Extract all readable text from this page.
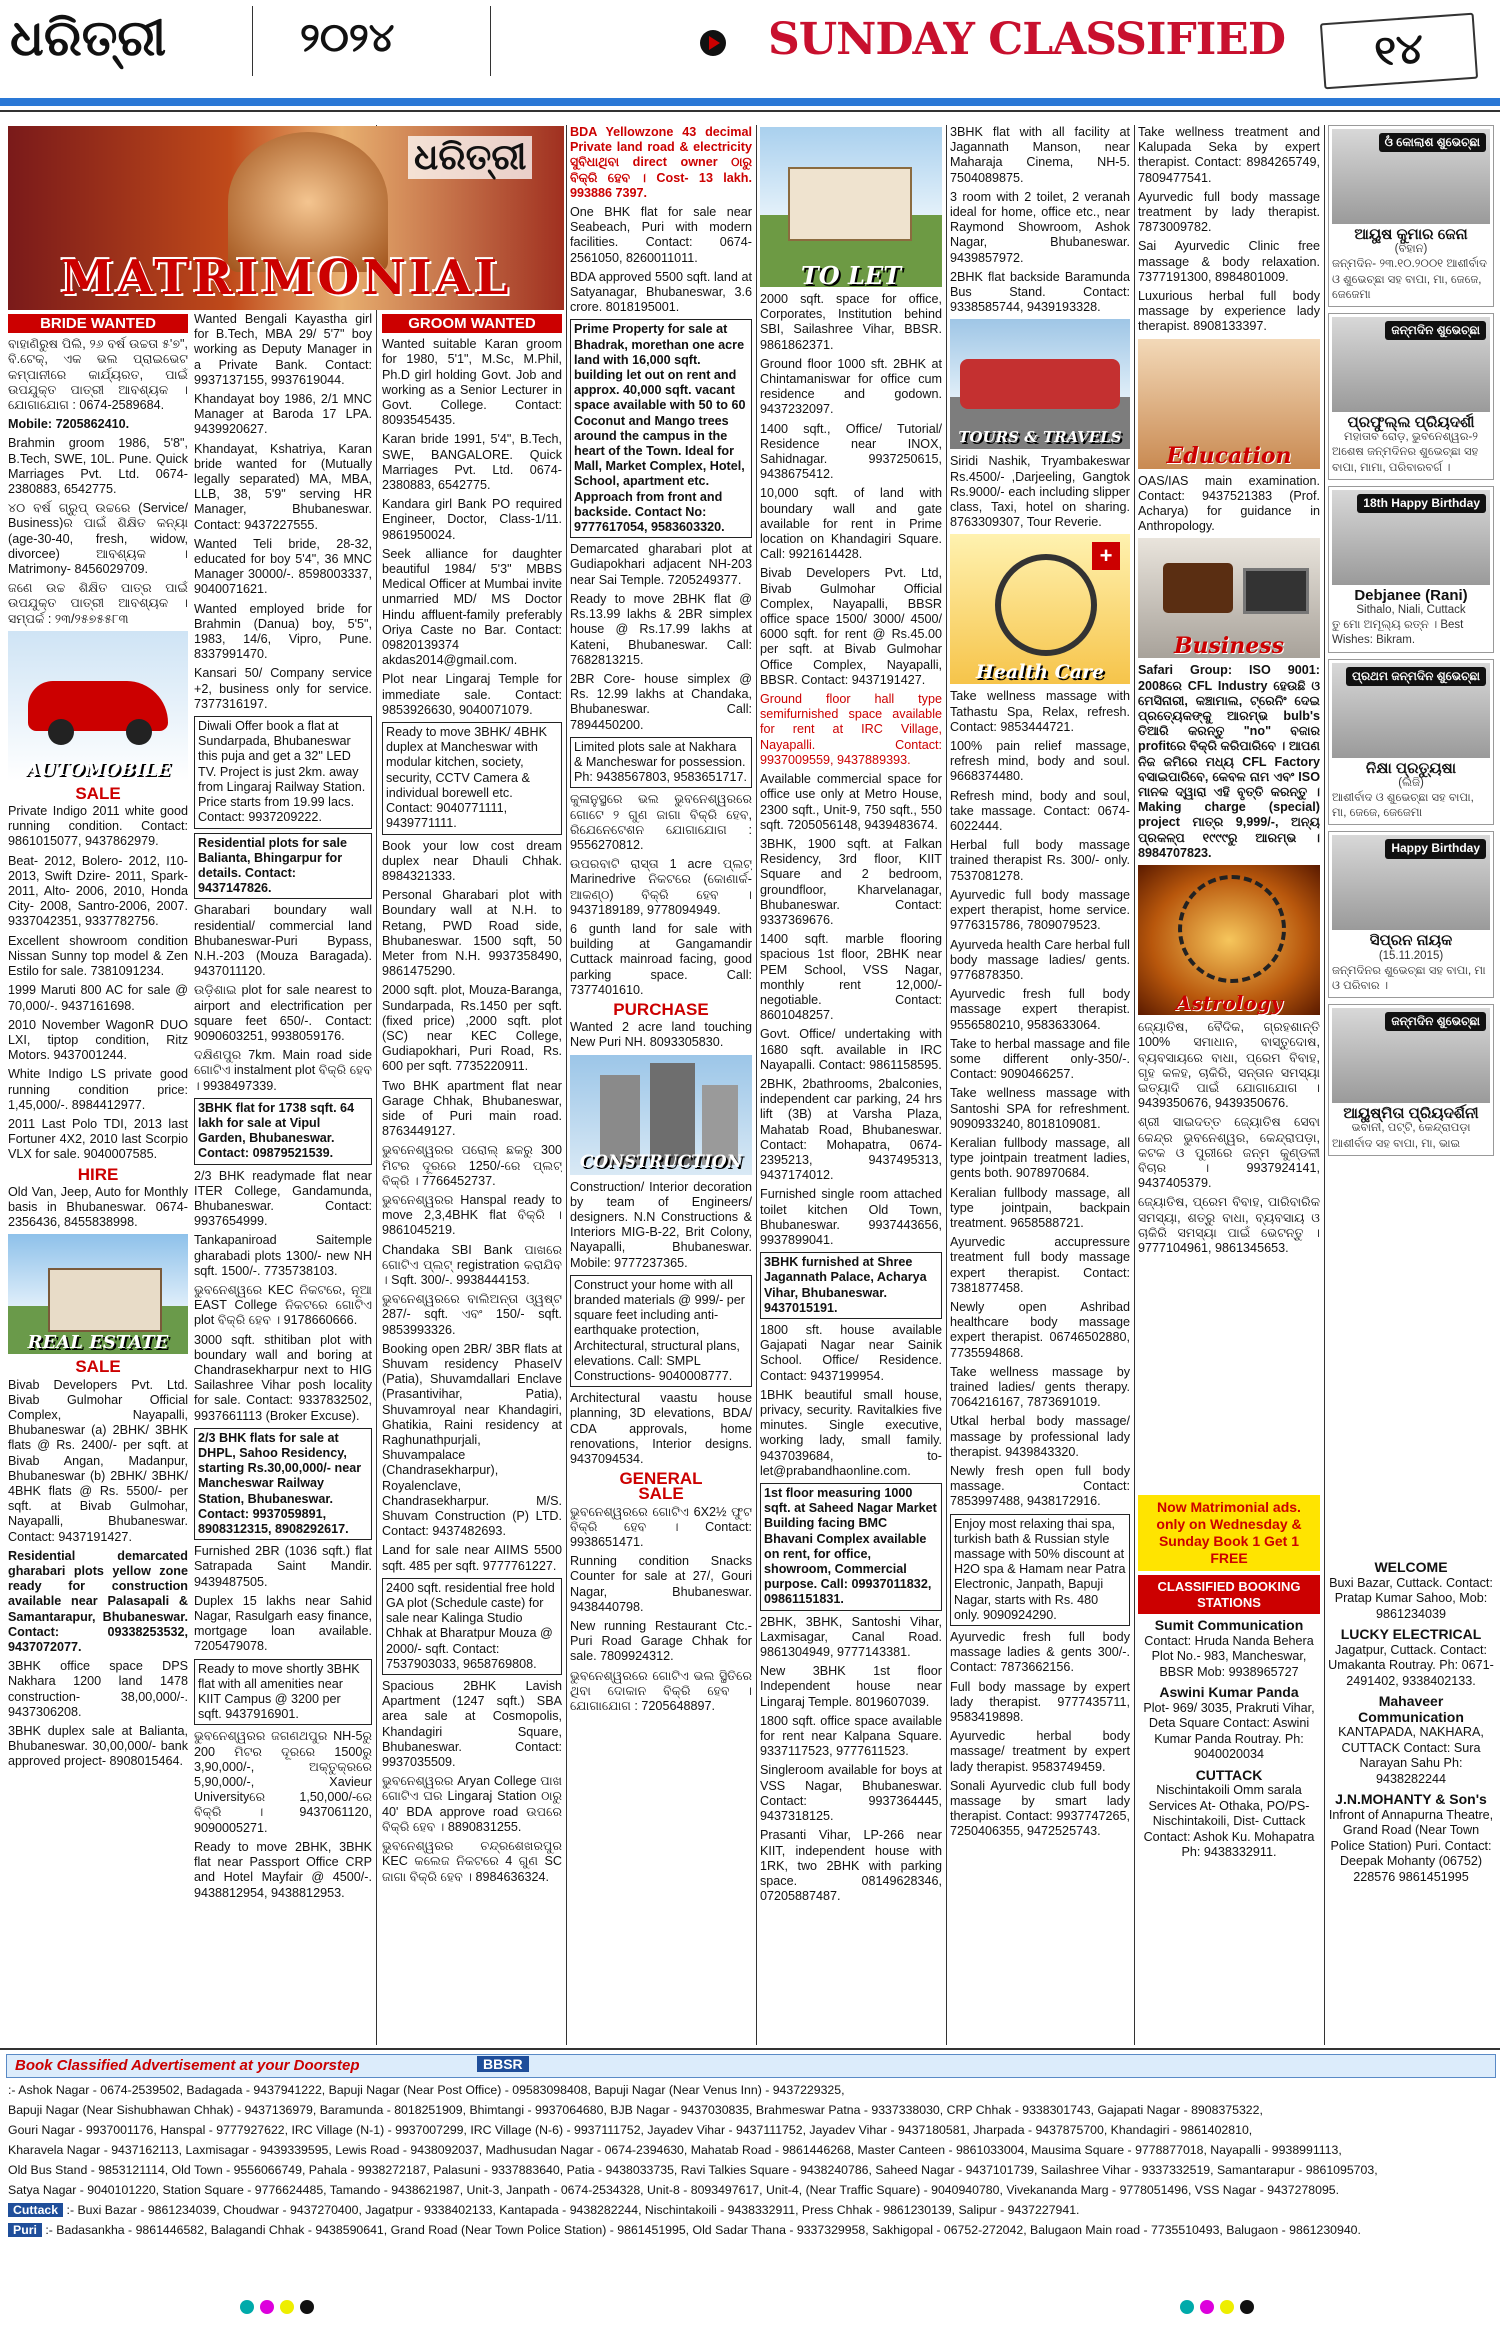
ଧରିତ୍ରୀ	୨୦୨୪	SUNDAY CLASSIFIED	୧୪
ଧରିତ୍ରୀ
MATRIMONIAL
BRIDE WANTED

ବାହାଣିରୁଷ ପିଲି, ୨୬ ବର୍ଷ ଉଚ୍ଚତା ୫'୭", ବି.ଟେକ୍, ଏକ ଭଲ ପ୍ରାଇଭେଟ କମ୍ପାନୀରେ କାର୍ଯ୍ୟରତ, ପାଇଁ ଉପଯୁକ୍ତ ପାତ୍ରୀ ଆବଶ୍ୟକ । ଯୋଗାଯୋଗ : 0674-2589684.

Mobile: 7205862410.

Brahmin groom 1986, 5'8", B.Tech, SWE, 10L. Pune. Quick Marriages Pvt. Ltd. 0674-2380883, 6542775.

୪୦ ବର୍ଷ ଗ୍ରୁପ୍‌ ଉଚ୍ଚରେ (Service/ Business)ର ପାଇଁ ଶିକ୍ଷିତ କନ୍ୟା (age-30-40, fresh, widow, divorcee) ଆବଶ୍ୟକ । Matrimony- 8456029709.

ଜଣେ ଉଚ୍ଚ ଶିକ୍ଷିତ ପାତ୍ର ପାଇଁ ଉପଯୁକ୍ତ ପାତ୍ରୀ ଆବଶ୍ୟକ । ସମ୍ପର୍କ : ୨୩/୨୫୭୫୫୮୩

AUTOMOBILE
SALE

Private Indigo 2011 white good running condition. Contact: 9861015077, 9437862979.

Beat- 2012, Bolero- 2012, I10- 2013, Swift Dzire- 2011, Spark- 2011, Alto- 2006, 2010, Honda City- 2008, Santro-2006, 2007. 9337042351, 9337782756.

Excellent showroom condition Nissan Sunny top model & Zen Estilo for sale. 7381091234.

1999 Maruti 800 AC for sale @ 70,000/-. 9437161698.

2010 November WagonR DUO LXI, tiptop condition, Ritz Motors. 9437001244.

White Indigo LS private good running condition price: 1,45,000/-. 8984412977.

2011 Last Polo TDI, 2013 last Fortuner 4X2, 2010 last Scorpio VLX for sale. 9040007585.

HIRE

Old Van, Jeep, Auto for Monthly basis in Bhubaneswar. 0674-2356436, 8455838998.

REAL ESTATE
SALE

Bivab Developers Pvt. Ltd. Bivab Gulmohar Official Complex, Nayapalli, Bhubaneswar (a) 2BHK/ 3BHK flats @ Rs. 2400/- per sqft. at Bivab Angan, Madanpur, Bhubaneswar (b) 2BHK/ 3BHK/ 4BHK flats @ Rs. 5500/- per sqft. at Bivab Gulmohar, Nayapalli, Bhubaneswar. Contact: 9437191427.

Residential demarcated gharabari plots yellow zone ready for construction available near Palasapali & Samantarapur, Bhubaneswar. Contact: 09338253532, 9437072077.

3BHK office space DPS Nakhara 1200 land 1478 construction- 38,00,000/-. 9437306208.

3BHK duplex sale at Balianta, Bhubaneswar. 30,00,000/- bank approved project- 8908015464.

Wanted Bengali Kayastha girl for B.Tech, MBA 29/ 5'7" boy working as Deputy Manager in a Private Bank. Contact: 9937137155, 9937619044.

Khandayat boy 1986, 2/1 MNC Manager at Baroda 17 LPA. 9439920627.

Khandayat, Kshatriya, Karan bride wanted for (Mutually legally separated) MA, MBA, LLB, 38, 5'9" serving HR Manager, Bhubaneswar. Contact: 9437227555.

Wanted Teli bride, 28-32, educated for boy 5'4", 36 MNC Manager 30000/-. 8598003337, 9040071621.

Wanted employed bride for Brahmin (Danua) boy, 5'5", 1983, 14/6, Vipro, Pune. 8337991470.

Kansari 50/ Company service +2, business only for service. 7377316197.

Diwali Offer book a flat at Sundarpada, Bhubaneswar this puja and get a 32" LED TV. Project is just 2km. away from Lingaraj Railway Station. Price starts from 19.99 lacs. Contact: 9937209222.
Residential plots for sale Balianta, Bhingarpur for details. Contact: 9437147826.

Gharabari boundary wall residential/ commercial land Bhubaneswar-Puri Bypass, N.H.-203 (Mouza Baragada). 9437011120.

ଉଡ଼ିଶାଇ plot for sale nearest to airport and electrification per square feet 650/-. Contact: 9090603251, 9938059176.

ଦକ୍ଷିଣପୁର 7km. Main road side ଗୋଟିଏ instalment plot ବିକ୍ରି ହେବ । 9938497339.

3BHK flat for 1738 sqft. 64 lakh for sale at Vipul Garden, Bhubaneswar. Contact: 09879521539.

2/3 BHK readymade flat near ITER College, Gandamunda, Bhubaneswar. Contact: 9937654999.

Tankapaniroad Saitemple gharabadi plots 1300/- new NH sqft. 1500/-. 7735738103.

ଭୁବନେଶ୍ୱରେ KEC ନିକଟରେ, ନୂଆ EAST College ନିକଟରେ ଗୋଟିଏ plot ବିକ୍ରି ହେବ । 9178660666.

3000 sqft. sthitiban plot with boundary wall and boring at Chandrasekharpur next to HIG Sailashree Vihar posh locality for sale. Contact: 9337832502, 9937661113 (Broker Excuse).

2/3 BHK flats for sale at DHPL, Sahoo Residency, starting Rs.30,00,000/- near Mancheswar Railway Station, Bhubaneswar. Contact: 9937059891, 8908312315, 8908292617.

Furnished 2BR (1036 sqft.) flat Satrapada Saint Mandir. 9439487505.

Duplex 15 lakhs near Sahid Nagar, Rasulgarh easy finance, mortgage loan available. 7205479078.

Ready to move shortly 3BHK flat with all amenities near KIIT Campus @ 3200 per sqft. 9437916901.

ଭୁବନେଶ୍ୱରର ଜଗଣଥପୁର NH-5ରୁ 200 ମିଟର ଦୂରରେ 1500ରୁ 3,90,000/-, ଅକ୍ତୁକ୍ରରେ 5,90,000/-, Xavieur Universityରେ 1,50,000/-ରେ ବିକ୍ରି । 9437061120, 9090005271.

Ready to move 2BHK, 3BHK flat near Passport Office CRP and Hotel Mayfair @ 4500/-. 9438812954, 9438812953.

GROOM WANTED

Wanted suitable Karan groom for 1980, 5'1", M.Sc, M.Phil, Ph.D girl holding Govt. Job and working as a Senior Lecturer in Govt. College. Contact: 8093545435.

Karan bride 1991, 5'4", B.Tech, SWE, BANGALORE. Quick Marriages Pvt. Ltd. 0674-2380883, 6542775.

Kandara girl Bank PO required Engineer, Doctor, Class-1/11. 9861950024.

Seek alliance for daughter beautiful 1984/ 5'3" MBBS Medical Officer at Mumbai invite unmarried MD/ MS Doctor Hindu affluent-family preferably Oriya Caste no Bar. Contact: 09820139374 akdas2014@gmail.com.

Plot near Lingaraj Temple for immediate sale. Contact: 9853926630, 9040071079.

Ready to move 3BHK/ 4BHK duplex at Mancheswar with modular kitchen, society, security, CCTV Camera & individual borewell etc. Contact: 9040771111, 9439771111.

Book your low cost dream duplex near Dhauli Chhak. 8984321333.

Personal Gharabari plot with Boundary wall at N.H. to Retang, PWD Road side, Bhubaneswar. 1500 sqft, 50 Meter from N.H. 9937358490, 9861475290.

2000 sqft. plot, Mouza-Baranga, Sundarpada, Rs.1450 per sqft. (fixed price) ,2000 sqft. plot (SC) near KEC College, Gudiapokhari, Puri Road, Rs. 600 per sqft. 7735220911.

Two BHK apartment flat near Garage Chhak, Bhubaneswar, side of Puri main road. 8763449127.

ଭୁବନେଶ୍ୱରର ପରୋଲ୍ ଛକରୁ 300 ମିଟର ଦୂରରେ 1250/-ରେ ପ୍ଲଟ୍ ବିକ୍ରି । 7766452737.

ଭୁବନେଶ୍ୱରର Hanspal ready to move 2,3,4BHK flat ବିକ୍ରି । 9861045219.

Chandaka SBI Bank ପାଖରେ ଗୋଟିଏ ପ୍ଲଟ୍ registration କରାଯିବ । Sqft. 300/-. 9938444153.

ଭୁବନେଶ୍ୱରରେ ବାଲିଅନ୍ତା ଓ୍ୱଷ୍ଟ 287/- sqft. ଏବଂ 150/- sqft. 9853993326.

Booking open 2BR/ 3BR flats at Shuvam residency PhaseIV (Patia), Shuvamdallari Enclave (Prasantivihar, Patia), Shuvamroyal near Khandagiri, Ghatikia, Raini residency at Raghunathpurjali, Shuvampalace (Chandrasekharpur), Royalenclave, Chandrasekharpur. M/S. Shuvam Construction (P) LTD. Contact: 9437482693.

Land for sale near AIIMS 5500 sqft. 485 per sqft. 9777761227.

2400 sqft. residential free hold GA plot (Schedule caste) for sale near Kalinga Studio Chhak at Bharatpur Mouza @ 2000/- sqft. Contact: 7537903033, 9658769808.

Spacious 2BHK Lavish Apartment (1247 sqft.) SBA area sale at Cosmopolis, Khandagiri Square, Bhubaneswar. Contact: 9937035509.

ଭୁବନେଶ୍ୱରର Aryan College ପାଖ ଗୋଟିଏ ଘର Lingaraj Station ଠାରୁ 40' BDA approve road ଉପରେ ବିକ୍ରି ହେବ । 8890831255.

ଭୁବନେଶ୍ୱରର ଚନ୍ଦ୍ରଶେଖରପୁର KEC କଲେଜ ନିକଟରେ 4 ଗୁଣ SC ଜାଗା ବିକ୍ରି ହେବ । 8984636324.

BDA Yellowzone 43 decimal Private land road & electricity ସୁବିଧାଥିବା direct owner ଠାରୁ ବିକ୍ରି ହେବ । Cost- 13 lakh. 993886 7397.

One BHK flat for sale near Seabeach, Puri with modern facilities. Contact: 0674-2561050, 8260011011.

BDA approved 5500 sqft. land at Satyanagar, Bhubaneswar, 3.6 crore. 8018195001.

Prime Property for sale at Bhadrak, morethan one acre land with 16,000 sqft. building let out on rent and approx. 40,000 sqft. vacant space available with 50 to 60 Coconut and Mango trees around the campus in the heart of the Town. Ideal for Mall, Market Complex, Hotel, School, apartment etc. Approach from front and backside. Contact No: 9777617054, 9583603320.

Demarcated gharabari plot at Gudiapokhari adjacent NH-203 near Sai Temple. 7205249377.

Ready to move 2BHK flat @ Rs.13.99 lakhs & 2BR simplex house @ Rs.17.99 lakhs at Kateni, Bhubaneswar. Call: 7682813215.

2BR Core- house simplex @ Rs. 12.99 lakhs at Chandaka, Bhubaneswar. Call: 7894450200.

Limited plots sale at Nakhara & Mancheswar for possession. Ph: 9438567803, 9583651717.

କୁଳାନୁସ୍ଥରେ ଭଲ ଭୁବନେଶ୍ୱରରେ ଗୋଟେ ୨ ଗୁଣ ଜାଗା ବିକ୍ରି ହେବ, ରିଯେନେଟେଶନ ଯୋଗାଯୋଗ : 9556270812.

ଉପରବାଟି ରାସ୍ତା 1 acre ପ୍ଲଟ୍ Marinedrive ନିକଟରେ (କୋଣାର୍କ-ଆକଣ୍ଠ) ବିକ୍ରି ହେବ । 9437189189, 9778094949.

6 gunth land for sale with building at Gangamandir Cuttack mainroad facing, good parking space. Call: 7377401610.

PURCHASE

Wanted 2 acre land touching New Puri NH. 8093305830.

CONSTRUCTION

Construction/ Interior decoration by team of Engineers/ designers. N.N Constructions & Interiors MIG-B-22, Brit Colony, Nayapalli, Bhubaneswar. Mobile: 9777237365.

Construct your home with all branded materials @ 999/- per square feet including anti- earthquake protection, Architectural, structural plans, elevations. Call: SMPL Constructions- 9040008777.

Architectural vaastu house planning, 3D elevations, BDA/ CDA approvals, home renovations, Interior designs. 9437094534.

GENERAL
SALE

ଭୁବନେଶ୍ୱରରେ ଗୋଟିଏ 6X2½ ଫୁଟ ବିକ୍ରି ହେବ । Contact: 9938651471.

Running condition Snacks Counter for sale at 27/, Gouri Nagar, Bhubaneswar. 9438440798.

New running Restaurant Ctc.- Puri Road Garage Chhak for sale. 7809924312.

ଭୁବନେଶ୍ୱରରେ ଗୋଟିଏ ଭଲ ସ୍ଥିତିରେ ଥିବା ଦୋକାନ ବିକ୍ରି ହେବ । ଯୋଗାଯୋଗ : 7205648897.

TO LET

2000 sqft. space for office, Corporates, Institution behind SBI, Sailashree Vihar, BBSR. 9861862371.

Ground floor 1000 sft. 2BHK at Chintamaniswar for office cum residence and godown. 9437232097.

1400 sqft., Office/ Tutorial/ Residence near INOX, Sahidnagar. 9937250615, 9438675412.

10,000 sqft. of land with boundary wall and gate available for rent in Prime location on Khandagiri Square. Call: 9921614428.

Bivab Developers Pvt. Ltd, Bivab Gulmohar Official Complex, Nayapalli, BBSR office space 1500/ 3000/ 4500/ 6000 sqft. for rent @ Rs.45.00 per sqft. at Bivab Gulmohar Office Complex, Nayapalli, BBSR. Contact: 9437191427.

Ground floor hall type semifurnished space available for rent at IRC Village, Nayapalli. Contact: 9937009559, 9437889393.

Available commercial space for office use only at Metro House, 2300 sqft., Unit-9, 750 sqft., 550 sqft. 7205056148, 9439483674.

3BHK, 1900 sqft. at Falkan Residency, 3rd floor, KIIT Square and 2 bedroom, groundfloor, Kharvelanagar, Bhubaneswar. Contact: 9337369676.

1400 sqft. marble flooring spacious 1st floor, 2BHK near PEM School, VSS Nagar, monthly rent 12,000/- negotiable. Contact: 8601048257.

Govt. Office/ undertaking with 1680 sqft. available in IRC Nayapalli. Contact: 9861158595.

2BHK, 2bathrooms, 2balconies, independent car parking, 24 hrs lift (3B) at Varsha Plaza, Mahatab Road, Bhubaneswar. Contact: Mohapatra, 0674-2395213, 9437495313, 9437174012.

Furnished single room attached toilet kitchen Old Town, Bhubaneswar. 9937443656, 9937899041.

3BHK furnished at Shree Jagannath Palace, Acharya Vihar, Bhubaneswar. 9437015191.

1800 sft. house available Gajapati Nagar near Sainik School. Office/ Residence. Contact: 9437199954.

1BHK beautiful small house, privacy, security. Ravitalkies five minutes. Single executive, working lady, small family. 9437039684, to-let@prabandhaonline.com.

1st floor measuring 1000 sqft. at Saheed Nagar Market Building facing BMC Bhavani Complex available on rent, for office, showroom, Commercial purpose. Call: 09937011832, 09861151831.

2BHK, 3BHK, Santoshi Vihar, Laxmisagar, Canal Road. 9861304949, 9777143381.

New 3BHK 1st floor Independent house near Lingaraj Temple. 8019607039.

1800 sqft. office space available for rent near Kalpana Square. 9337117523, 9777611523.

Singleroom available for boys at VSS Nagar, Bhubaneswar. Contact: 9937364445, 9437318125.

Prasanti Vihar, LP-266 near KIIT, independent house with 1RK, two 2BHK with parking space. 08149628346, 07205887487.

3BHK flat with all facility at Jagannath Manson, near Maharaja Cinema, NH-5. 7504089875.

3 room with 2 toilet, 2 veranah ideal for home, office etc., near Raymond Showroom, Ashok Nagar, Bhubaneswar. 9439857972.

2BHK flat backside Baramunda Bus Stand. Contact: 9338585744, 9439193328.

TOURS & TRAVELS

Siridi Nashik, Tryambakeswar Rs.4500/- ,Darjeeling, Gangtok Rs.9000/- each including slipper class, Taxi, hotel on sharing. 8763309307, Tour Reverie.

+
Health Care

Take wellness massage with Tathastu Spa, Relax, refresh. Contact: 9853444721.

100% pain relief massage, refresh mind, body and soul. 9668374480.

Refresh mind, body and soul, take massage. Contact: 0674-6022444.

Herbal full body massage trained therapist Rs. 300/- only. 7537081278.

Ayurvedic full body massage expert therapist, home service. 9776315786, 7809079523.

Ayurveda health Care herbal full body massage ladies/ gents. 9776878350.

Ayurvedic fresh full body massage expert therapist. 9556580210, 9583633064.

Take to herbal massage and file some different only-350/-. Contact: 9090466257.

Take wellness massage with Santoshi SPA for refreshment. 9090933240, 8018109081.

Keralian fullbody massage, all type jointpain treatment ladies, gents both. 9078970684.

Keralian fullbody massage, all type jointpain, backpain treatment. 9658588721.

Ayurvedic accupressure treatment full body massage expert therapist. Contact: 7381877458.

Newly open Ashribad healthcare body massage expert therapist. 06746502880, 7735594868.

Take wellness massage by trained ladies/ gents therapy. 7064216167, 7873691019.

Utkal herbal body massage/ massage by professional lady therapist. 9439843320.

Newly fresh open full body massage. Contact: 7853997488, 9438172916.

Enjoy most relaxing thai spa, turkish bath & Russian style massage with 50% discount at H2O spa & Hamam near Patra Electronic, Janpath, Bapuji Nagar, starts with Rs. 480 only. 9090924290.

Ayurvedic fresh full body massage ladies & gents 300/-. Contact: 7873662156.

Full body massage by expert lady therapist. 9777435711, 9583419898.

Ayurvedic herbal body massage/ treatment by expert lady therapist. 9583749459.

Sonali Ayurvedic club full body massage by smart lady therapist. Contact: 9937747265, 7250406355, 9472525743.

Take wellness treatment and Kalupada Seka by expert therapist. Contact: 8984265749, 7809477541.

Ayurvedic full body massage treatment by lady therapist. 7873009782.

Sai Ayurvedic Clinic free massage & body relaxation. 7377191300, 8984801009.

Luxurious herbal full body massage by experience lady therapist. 8908133397.

Education

OAS/IAS main examination. Contact: 9437521383 (Prof. Acharya) for guidance in Anthropology.

Business

Safari Group: ISO 9001: 2008ରେ CFL Industry ହେଉଛି ଓ ମେସିନାରୀ, କଞ୍ଚାମାଲ, ଟ୍ରେନିଂ ଦେଇ ପ୍ରତ୍ୟେକଙ୍କୁ ଆରମ୍ଭ bulb's ତିଆରି କରନ୍ତୁ "no" ବଜାର profitରେ ବିକ୍ରି କରିପାରିବେ । ଆପଣ ନିଜ ଜମିରେ ମଧ୍ୟ CFL Factory ବସାଇପାରିବେ, କେବଳ ନାମ ଏବଂ ISO ମାନକ ଦ୍ୱାରା ଏହି ବୃତ୍ତି କରନ୍ତୁ । Making charge (special) project ମାତ୍ର 9,999/-, ଅନ୍ୟ ପ୍ରକଳ୍ପ ୧୯୯୯ରୁ ଆରମ୍ଭ । 8984707823.

Astrology

ଜ୍ୟୋତିଷ, ବୈଦିକ, ଗ୍ରହଶାନ୍ତି 100% ସମାଧାନ, ବାସ୍ତୁଦୋଷ, ବ୍ୟବସାୟରେ ବାଧା, ପ୍ରେମ ବିବାହ, ଗୃହ କଳହ, ଚାକିରି, ସନ୍ତାନ ସମସ୍ୟା ଇତ୍ୟାଦି ପାଇଁ ଯୋଗାଯୋଗ । 9439350676, 9439350676.

ଶ୍ରୀ ସାଇଦତ୍ତ ଜ୍ୟୋତିଷ ସେବା କେନ୍ଦ୍ର ଭୁବନେଶ୍ୱର, କେନ୍ଦ୍ରାପଡ଼ା, କଟକ ଓ ପୁରୀରେ ଜନ୍ମ କୁଣ୍ଡଳୀ ବିଚାର । 9937924141, 9437405379.

ଜ୍ୟୋତିଷ, ପ୍ରେମ ବିବାହ, ପାରିବାରିକ ସମସ୍ୟା, ଶତ୍ରୁ ବାଧା, ବ୍ୟବସାୟ ଓ ଚାକିରି ସମସ୍ୟା ପାଇଁ ଭେଟନ୍ତୁ । 9777104961, 9861345653.

ଓଁ କୋଲାଶ ଶୁଭେଚ୍ଛା
ଆୟୁଷ କୁମାର ଜେନା
(ବିହାନ)
ଜନ୍ମଦିନ- ୨୩.୧୦.୨୦୦୧ ଆଶୀର୍ବାଦ ଓ ଶୁଭେଚ୍ଛା ସହ ବାପା, ମା, ଜେଜେ, ଜେଜେମା
ଜନ୍ମଦିନ ଶୁଭେଚ୍ଛା
ପ୍ରଫୁଲ୍ଲ ପ୍ରିୟଦର୍ଶୀ
ମହାତାବ ରୋଡ଼, ଭୁବନେଶ୍ୱର-୨
ଅଶେଷ ଜନ୍ମଦିନର ଶୁଭେଚ୍ଛା ସହ ବାପା, ମାମା, ପରିବାରବର୍ଗ ।
18th Happy Birthday
Debjanee (Rani)
Sithalo, Niali, Cuttack
ତୁ ମୋ ଅମୂଲ୍ୟ ରତ୍ନ । Best Wishes: Bikram.
ପ୍ରଥମ ଜନ୍ମଦିନ ଶୁଭେଚ୍ଛା
ନିକ୍ଷା ପ୍ରତ୍ୟୁଷା
(ଲିଜି)
ଆଶୀର୍ବାଦ ଓ ଶୁଭେଚ୍ଛା ସହ ବାପା, ମା, ଜେଜେ, ଜେଜେମା
Happy Birthday
ସିପ୍ରନ ନାୟକ
(15.11.2015)
ଜନ୍ମଦିନର ଶୁଭେଚ୍ଛା ସହ ବାପା, ମା ଓ ପରିବାର ।
ଜନ୍ମଦିନ ଶୁଭେଚ୍ଛା
ଆୟୁଷ୍ମିତା ପ୍ରିୟଦର୍ଶିନୀ
ଭବାନୀ, ପଟ୍ଟି, କେନ୍ଦ୍ରାପଡ଼ା
ଆଶୀର୍ବାଦ ସହ ବାପା, ମା, ଭାଇ
Now Matrimonial ads. only on Wednesday & Sunday Book 1 Get 1 FREE
CLASSIFIED BOOKING STATIONS
Sumit Communication
Contact: Hruda Nanda Behera Plot No.- 983, Mancheswar, BBSR Mob: 9938965727
Aswini Kumar Panda
Plot- 969/ 3035, Prakruti Vihar, Deta Square Contact: Aswini Kumar Panda Routray. Ph: 9040020034
CUTTACK
Nischintakoili Omm sarala Services At- Othaka, PO/PS- Nischintakoili, Dist- Cuttack Contact: Ashok Ku. Mohapatra Ph: 9438332911.
WELCOME
Buxi Bazar, Cuttack. Contact: Pratap Kumar Sahoo, Mob: 9861234039
LUCKY ELECTRICAL
Jagatpur, Cuttack. Contact: Umakanta Routray. Ph: 0671-2491402, 9338402133.
Mahaveer Communication
KANTAPADA, NAKHARA, CUTTACK Contact: Sura Narayan Sahu Ph: 9438282244
J.N.MOHANTY & Son's
Infront of Annapurna Theatre, Grand Road (Near Town Police Station) Puri. Contact: Deepak Mohanty (06752) 228576 9861451995
Book Classified Advertisement at your Doorstep	BBSR
:- Ashok Nagar - 0674-2539502, Badagada - 9437941222, Bapuji Nagar (Near Post Office) - 09583098408, Bapuji Nagar (Near Venus Inn) - 9437229325,
Bapuji Nagar (Near Sishubhawan Chhak) - 9437136979, Baramunda - 8018251909, Bhimtangi - 9937064680, BJB Nagar - 9437030835, Brahmeswar Patna - 9337338030, CRP Chhak - 9338301743, Gajapati Nagar - 8908375322,
Gouri Nagar - 9937001176, Hanspal - 9777927622, IRC Village (N-1) - 9937007299, IRC Village (N-6) - 9937111752, Jayadev Vihar - 9437111752, Jayadev Vihar - 9437180581, Jharpada - 9437875700, Khandagiri - 9861402810,
Kharavela Nagar - 9437162113, Laxmisagar - 9439339595, Lewis Road - 9438092037, Madhusudan Nagar - 0674-2394630, Mahatab Road - 9861446268, Master Canteen - 9861033004, Mausima Square - 9778877018, Nayapalli - 9938991113,
Old Bus Stand - 9853121114, Old Town - 9556066749, Pahala - 9938272187, Palasuni - 9337883640, Patia - 9438033735, Ravi Talkies Square - 9438240786, Saheed Nagar - 9437101739, Sailashree Vihar - 9337332519, Samantarapur - 9861095703,
Satya Nagar - 9040101220, Station Square - 9776624485, Tamando - 9438621987, Unit-3, Janpath - 0674-2534328, Unit-8 - 8093497617, Unit-4, (Near Traffic Square) - 9040940780, Vivekananda Marg - 9778051496, VSS Nagar - 9437278095.
Cuttack :- Buxi Bazar - 9861234039, Choudwar - 9437270400, Jagatpur - 9338402133, Kantapada - 9438282244, Nischintakoili - 9438332911, Press Chhak - 9861230139, Salipur - 9437227941.
Puri :- Badasankha - 9861446582, Balagandi Chhak - 9438590641, Grand Road (Near Town Police Station) - 9861451995, Old Sadar Thana - 9337329958, Sakhigopal - 06752-272042, Balugaon Main road - 7735510493, Balugaon - 9861230940.
